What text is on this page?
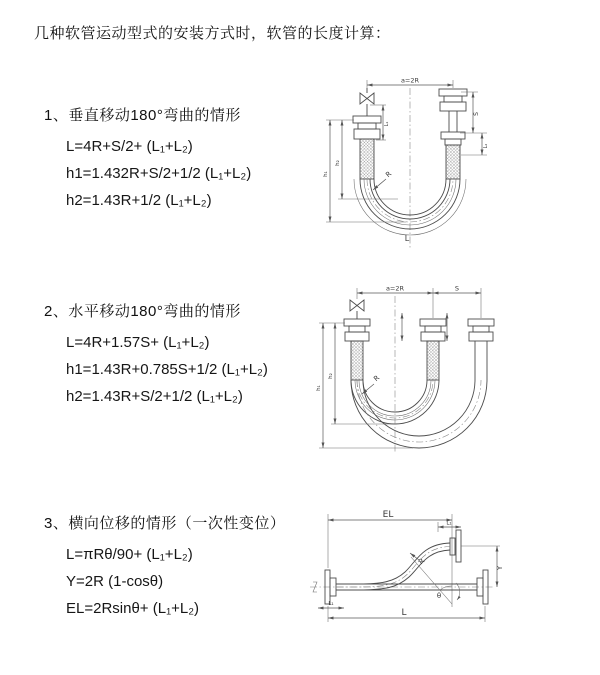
几种软管运动型式的安装方式时，软管的长度计算：
1、垂直移动180°弯曲的情形
L=4R+S/2+ (L₁+L₂)
h1=1.432R+S/2+1/2 (L₁+L₂)
h2=1.43R+1/2 (L₁+L₂)
2、水平移动180°弯曲的情形
L=4R+1.57S+ (L₁+L₂)
h1=1.43R+0.785S+1/2 (L₁+L₂)
h2=1.43R+S/2+1/2 (L₁+L₂)
3、横向位移的情形（一次性变位）
L=πRθ/90+ (L₁+L₂)
Y=2R (1-cosθ)
EL=2Rsinθ+ (L₁+L₂)
a=2R
h₁
h₂
L₁
S
L₂
R
L
a=2R	S
h₁
h₂	R
EL
L₁
θ
R
Y
L
L₁
